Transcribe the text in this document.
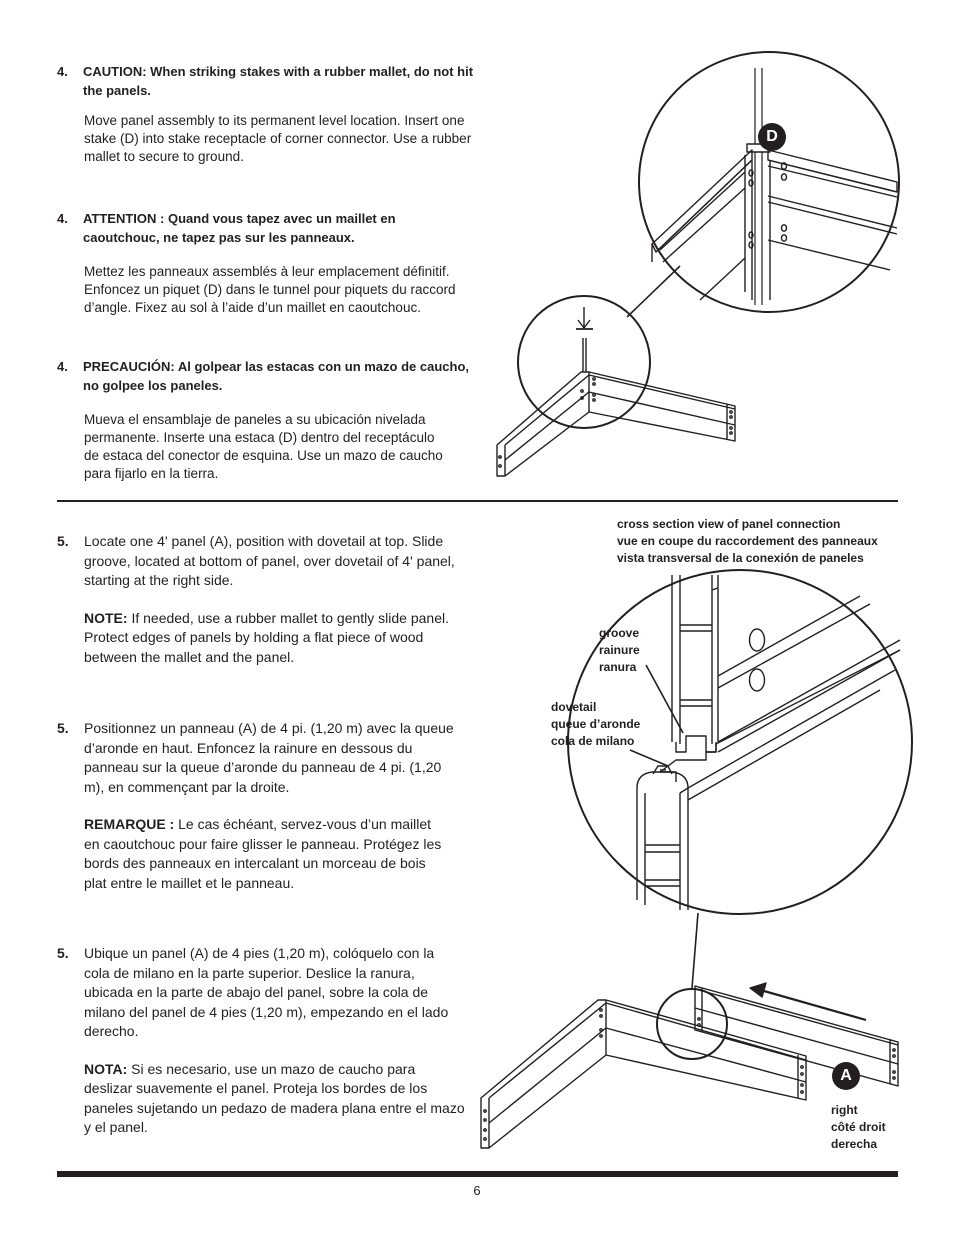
4.	CAUTION: When striking stakes with a rubber mallet, do not hit the panels.
Move panel assembly to its permanent level location. Insert one stake (D) into stake receptacle of corner connector. Use a rubber mallet to secure to ground.
4.	ATTENTION : Quand vous tapez avec un maillet en caoutchouc, ne tapez pas sur les panneaux.
Mettez les panneaux assemblés à leur emplacement définitif. Enfoncez un piquet (D) dans le tunnel pour piquets du raccord d’angle. Fixez au sol à l’aide d’un maillet en caoutchouc.
4.	PRECAUCIÓN: Al golpear las estacas con un mazo de caucho, no golpee los paneles.
Mueva el ensamblaje de paneles a su ubicación nivelada permanente. Inserte una estaca (D) dentro del receptáculo de estaca del conector de esquina. Use un mazo de caucho para fijarlo en la tierra.
5.	Locate one 4' panel (A), position with dovetail at top. Slide groove, located at bottom of panel, over dovetail of 4' panel, starting at the right side.
NOTE: If needed, use a rubber mallet to gently slide panel. Protect edges of panels by holding a flat piece of wood between the mallet and the panel.
5.	Positionnez un panneau (A) de 4 pi. (1,20 m) avec la queue d’aronde en haut. Enfoncez la rainure en dessous du panneau sur la queue d’aronde du panneau de 4 pi. (1,20 m), en commençant par la droite.
REMARQUE : Le cas échéant, servez-vous d’un maillet en caoutchouc pour faire glisser le panneau. Protégez les bords des panneaux en intercalant un morceau de bois plat entre le maillet et le panneau.
5.	Ubique un panel (A) de 4 pies (1,20 m), colóquelo con la cola de milano en la parte superior. Deslice la ranura, ubicada en la parte de abajo del panel, sobre la cola de milano del panel de 4 pies (1,20 m), empezando en el lado derecho.
NOTA: Si es necesario, use un mazo de caucho para deslizar suavemente el panel. Proteja los bordes de los paneles sujetando un pedazo de madera plana entre el mazo y el panel.
D
A
cross section view of panel connection
vue en coupe du raccordement des panneaux
vista transversal de la conexión de paneles
groove
rainure
ranura
dovetail
queue d’aronde
cola de milano
right
côté droit
derecha
6
